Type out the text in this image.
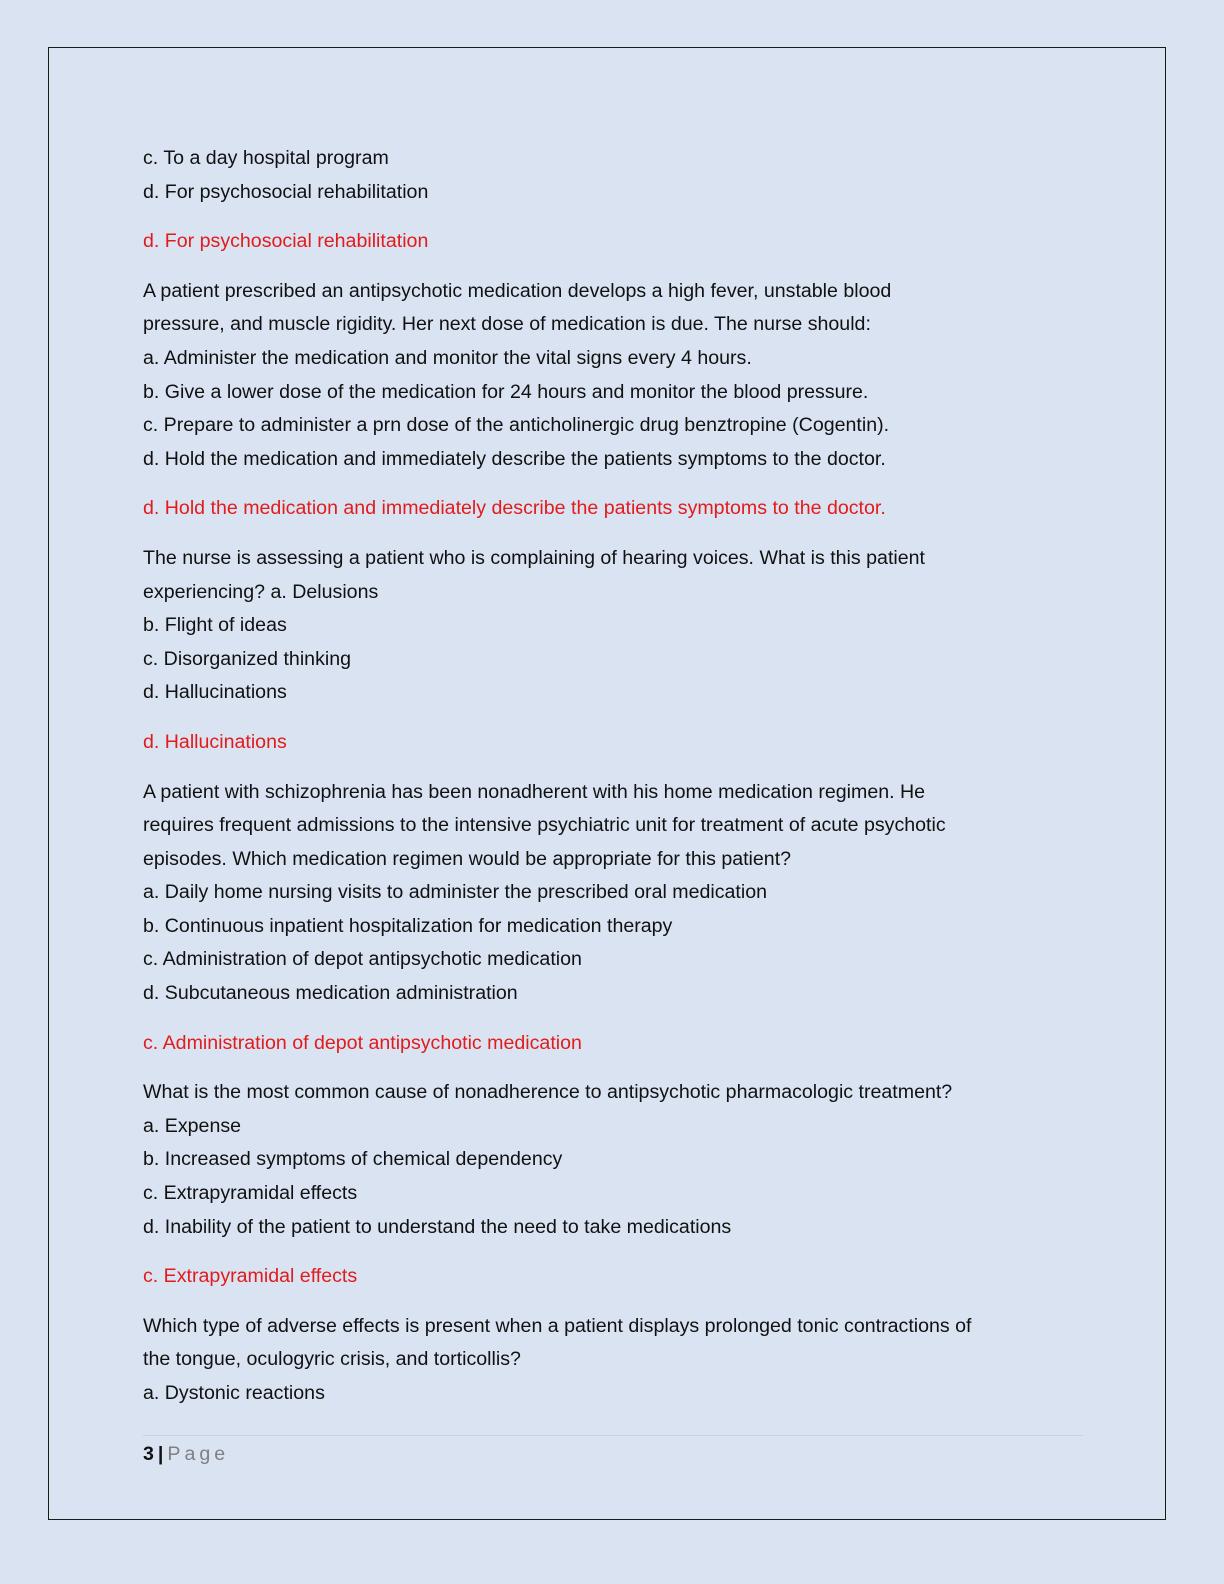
c. To a day hospital program
d. For psychosocial rehabilitation
d. For psychosocial rehabilitation
A patient prescribed an antipsychotic medication develops a high fever, unstable blood
pressure, and muscle rigidity. Her next dose of medication is due. The nurse should:
a. Administer the medication and monitor the vital signs every 4 hours.
b. Give a lower dose of the medication for 24 hours and monitor the blood pressure.
c. Prepare to administer a prn dose of the anticholinergic drug benztropine (Cogentin).
d. Hold the medication and immediately describe the patients symptoms to the doctor.
d. Hold the medication and immediately describe the patients symptoms to the doctor.
The nurse is assessing a patient who is complaining of hearing voices. What is this patient
experiencing? a. Delusions
b. Flight of ideas
c. Disorganized thinking
d. Hallucinations
d. Hallucinations
A patient with schizophrenia has been nonadherent with his home medication regimen. He
requires frequent admissions to the intensive psychiatric unit for treatment of acute psychotic
episodes. Which medication regimen would be appropriate for this patient?
a. Daily home nursing visits to administer the prescribed oral medication
b. Continuous inpatient hospitalization for medication therapy
c. Administration of depot antipsychotic medication
d. Subcutaneous medication administration
c. Administration of depot antipsychotic medication
What is the most common cause of nonadherence to antipsychotic pharmacologic treatment?
a. Expense
b. Increased symptoms of chemical dependency
c. Extrapyramidal effects
d. Inability of the patient to understand the need to take medications
c. Extrapyramidal effects
Which type of adverse effects is present when a patient displays prolonged tonic contractions of
the tongue, oculogyric crisis, and torticollis?
a. Dystonic reactions
3 | Page
